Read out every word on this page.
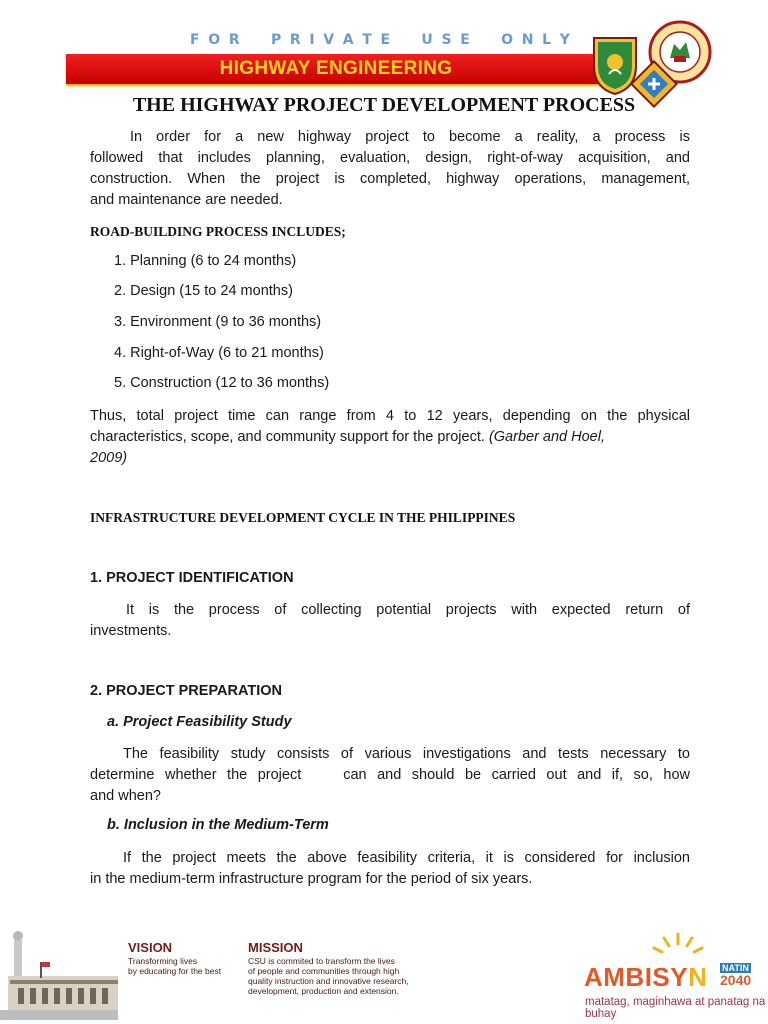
F O R P R I V A T E U S E O N L Y
HIGHWAY ENGINEERING
THE HIGHWAY PROJECT DEVELOPMENT PROCESS

In order for a new highway project to become a reality, a process is

followed that includes planning, evaluation, design, right-of-way acquisition, and

construction. When the project is completed, highway operations, management,

and maintenance are needed.

ROAD-BUILDING PROCESS INCLUDES;
1. Planning (6 to 24 months)
2. Design (15 to 24 months)
3. Environment (9 to 36 months)
4. Right-of-Way (6 to 21 months)
5. Construction (12 to 36 months)

Thus, total project time can range from 4 to 12 years, depending on the physical

characteristics, scope, and community support for the project. (Garber and Hoel,

2009)

INFRASTRUCTURE DEVELOPMENT CYCLE IN THE PHILIPPINES
1. PROJECT IDENTIFICATION

It is the process of collecting potential projects with expected return of

investments.

2. PROJECT PREPARATION
a. Project Feasibility Study

The feasibility study consists of various investigations and tests necessary to

determine whether the project    can and should be carried out and if, so, how

and when?

b. Inclusion in the Medium-Term

If the project meets the above feasibility criteria, it is considered for inclusion

in the medium-term infrastructure program for the period of six years.

VISION
Transforming lives
by educating for the best
MISSION
CSU is commited to transform the lives
of people and communities through high
quality instruction and innovative research,
development, production and extension.	AMBISYN NATIN
2040
matatag, maginhawa at panatag na buhay
